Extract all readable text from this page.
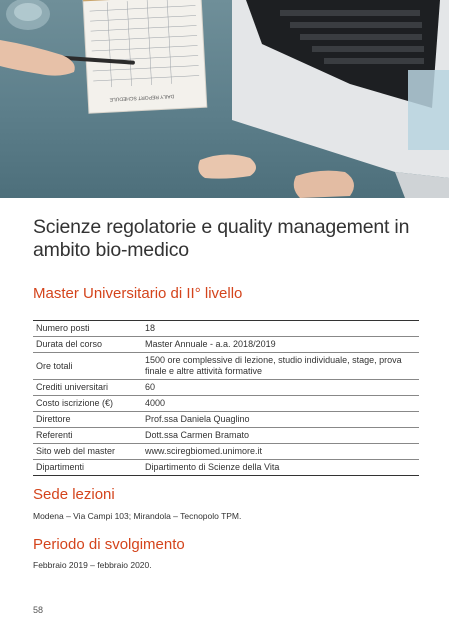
DAILY REPORT SCHEDULE
Scienze regolatorie e quality management in ambito bio-medico
Master Universitario di II° livello
Numero posti	18
Durata del corso	Master Annuale - a.a. 2018/2019
Ore totali	1500 ore complessive di lezione, studio individuale, stage, prova finale e altre attività formative
Crediti universitari	60
Costo iscrizione (€)	4000
Direttore	Prof.ssa Daniela Quaglino
Referenti	Dott.ssa Carmen Bramato
Sito web del master	www.sciregbiomed.unimore.it
Dipartimenti	Dipartimento di Scienze della Vita
Sede lezioni
Modena – Via Campi 103; Mirandola – Tecnopolo TPM.
Periodo di svolgimento
Febbraio 2019 – febbraio 2020.
58
